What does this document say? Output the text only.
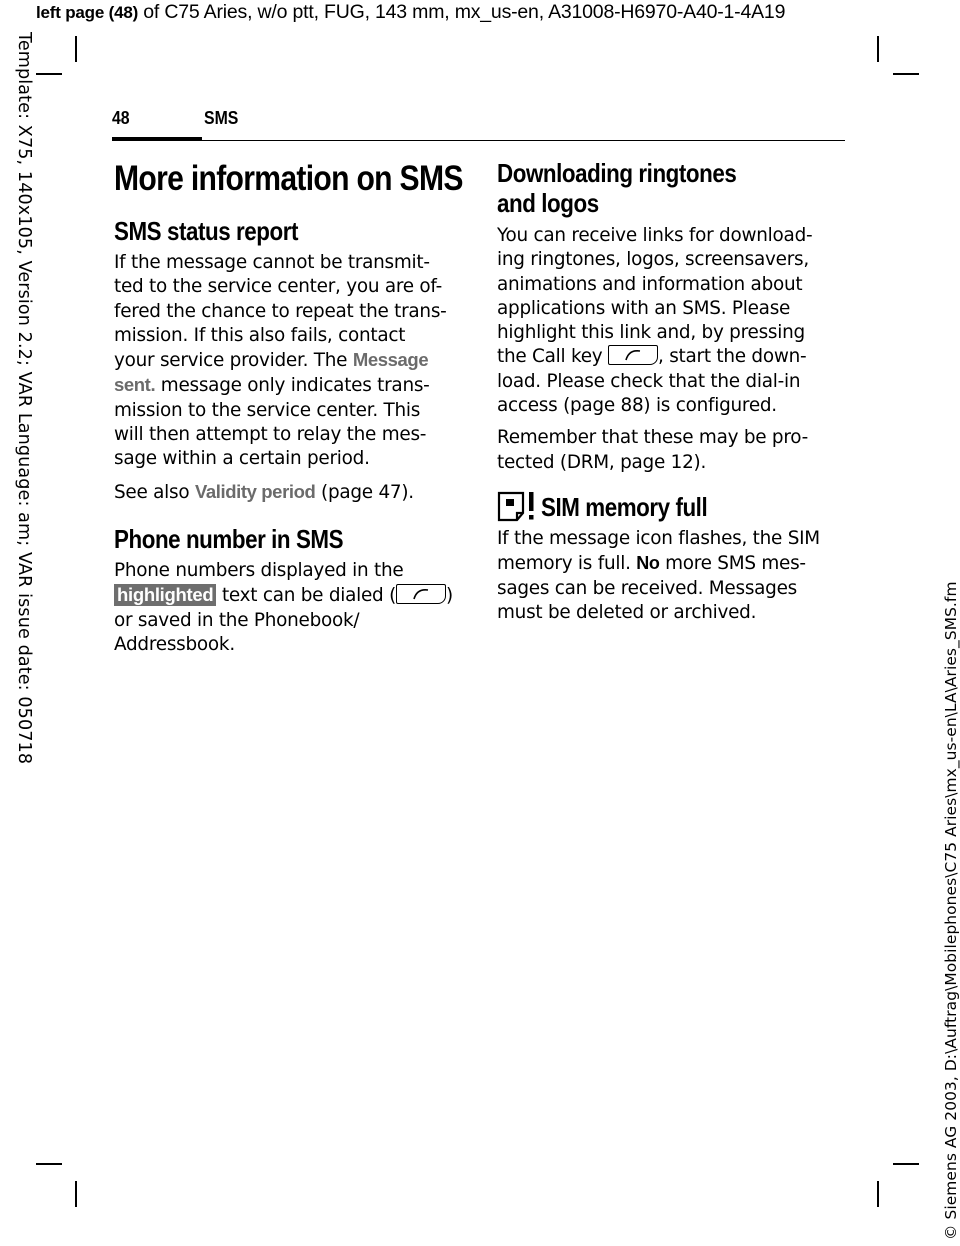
left page (48) of C75 Aries, w/o ptt, FUG, 143 mm, mx_us-en, A31008-H6970-A40-1-4A19
Template: X75, 140x105, Version 2.2; VAR Language: am; VAR issue date: 050718
© Siemens AG 2003, D:\Auftrag\Mobilephones\C75 Aries\mx_us-en\LA\Aries_SMS.fm
48	SMS
More information on SMS
SMS status report

If the message cannot be transmit-

ted to the service center, you are of-

fered the chance to repeat the trans-

mission. If this also fails, contact

your service provider. The Message

sent. message only indicates trans-

mission to the service center. This

will then attempt to relay the mes-

sage within a certain period.

See also Validity period (page 47).

Phone number in SMS

Phone numbers displayed in the

highlighted text can be dialed (	)

or saved in the Phonebook/

Addressbook.

Downloading ringtones
and logos

You can receive links for download-

ing ringtones, logos, screensavers,

animations and information about

applications with an SMS. Please

highlight this link and, by pressing

the Call key	, start the down-

load. Please check that the dial-in

access (page 88) is configured.

Remember that these may be pro-

tected (DRM, page 12).

SIM memory full

If the message icon flashes, the SIM

memory is full. No more SMS mes-

sages can be received. Messages

must be deleted or archived.
